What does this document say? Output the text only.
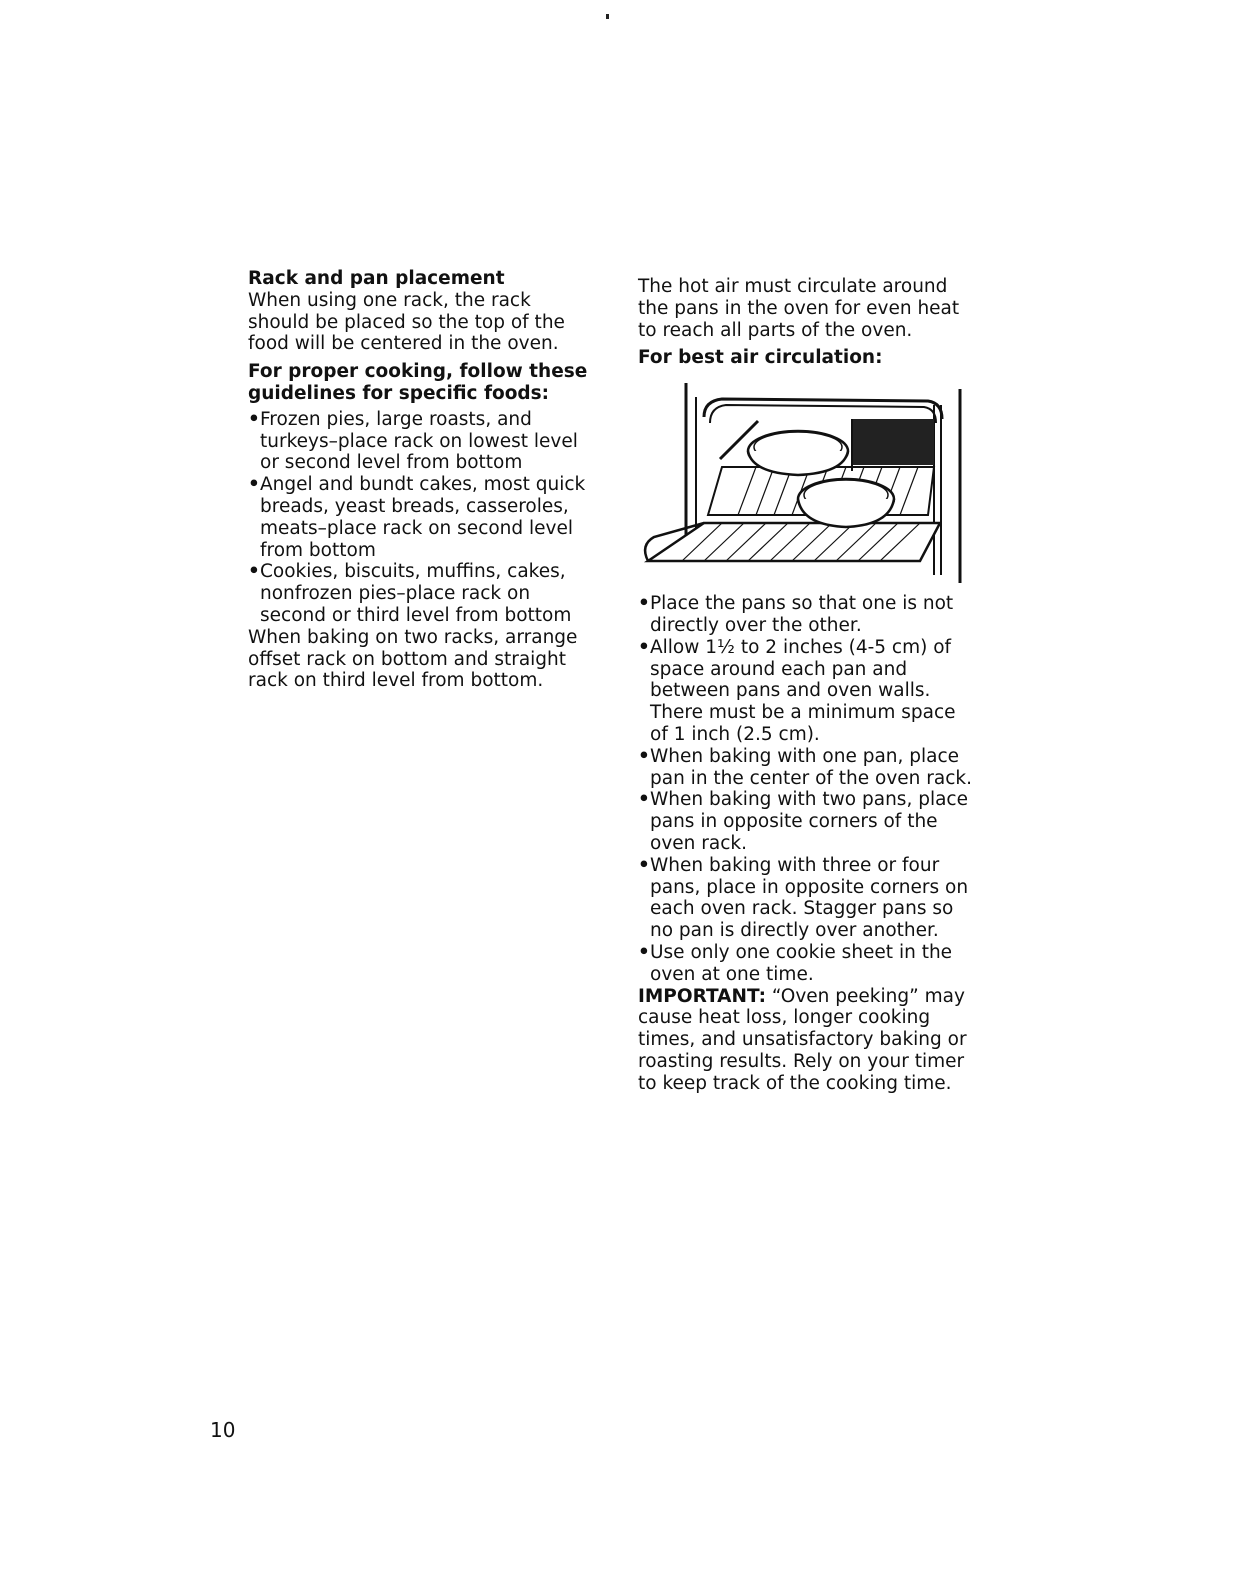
Rack and pan placement

When using one rack, the rack should be placed so the top of the food will be centered in the oven.

For proper cooking, follow these guidelines for specific foods:
• Frozen pies, large roasts, and turkeys–place rack on lowest level or second level from bottom
• Angel and bundt cakes, most quick breads, yeast breads, casseroles, meats–place rack on second level from bottom
• Cookies, biscuits, muffins, cakes, nonfrozen pies–place rack on second or third level from bottom

When baking on two racks, arrange offset rack on bottom and straight rack on third level from bottom.

The hot air must circulate around the pans in the oven for even heat to reach all parts of the oven.

For best air circulation:
• Place the pans so that one is not directly over the other.
• Allow 1½ to 2 inches (4-5 cm) of space around each pan and between pans and oven walls. There must be a minimum space of 1 inch (2.5 cm).
• When baking with one pan, place pan in the center of the oven rack.
• When baking with two pans, place pans in opposite corners of the oven rack.
• When baking with three or four pans, place in opposite corners on each oven rack. Stagger pans so no pan is directly over another.
• Use only one cookie sheet in the oven at one time.

IMPORTANT: “Oven peeking” may cause heat loss, longer cooking times, and unsatisfactory baking or roasting results. Rely on your timer to keep track of the cooking time.

10
